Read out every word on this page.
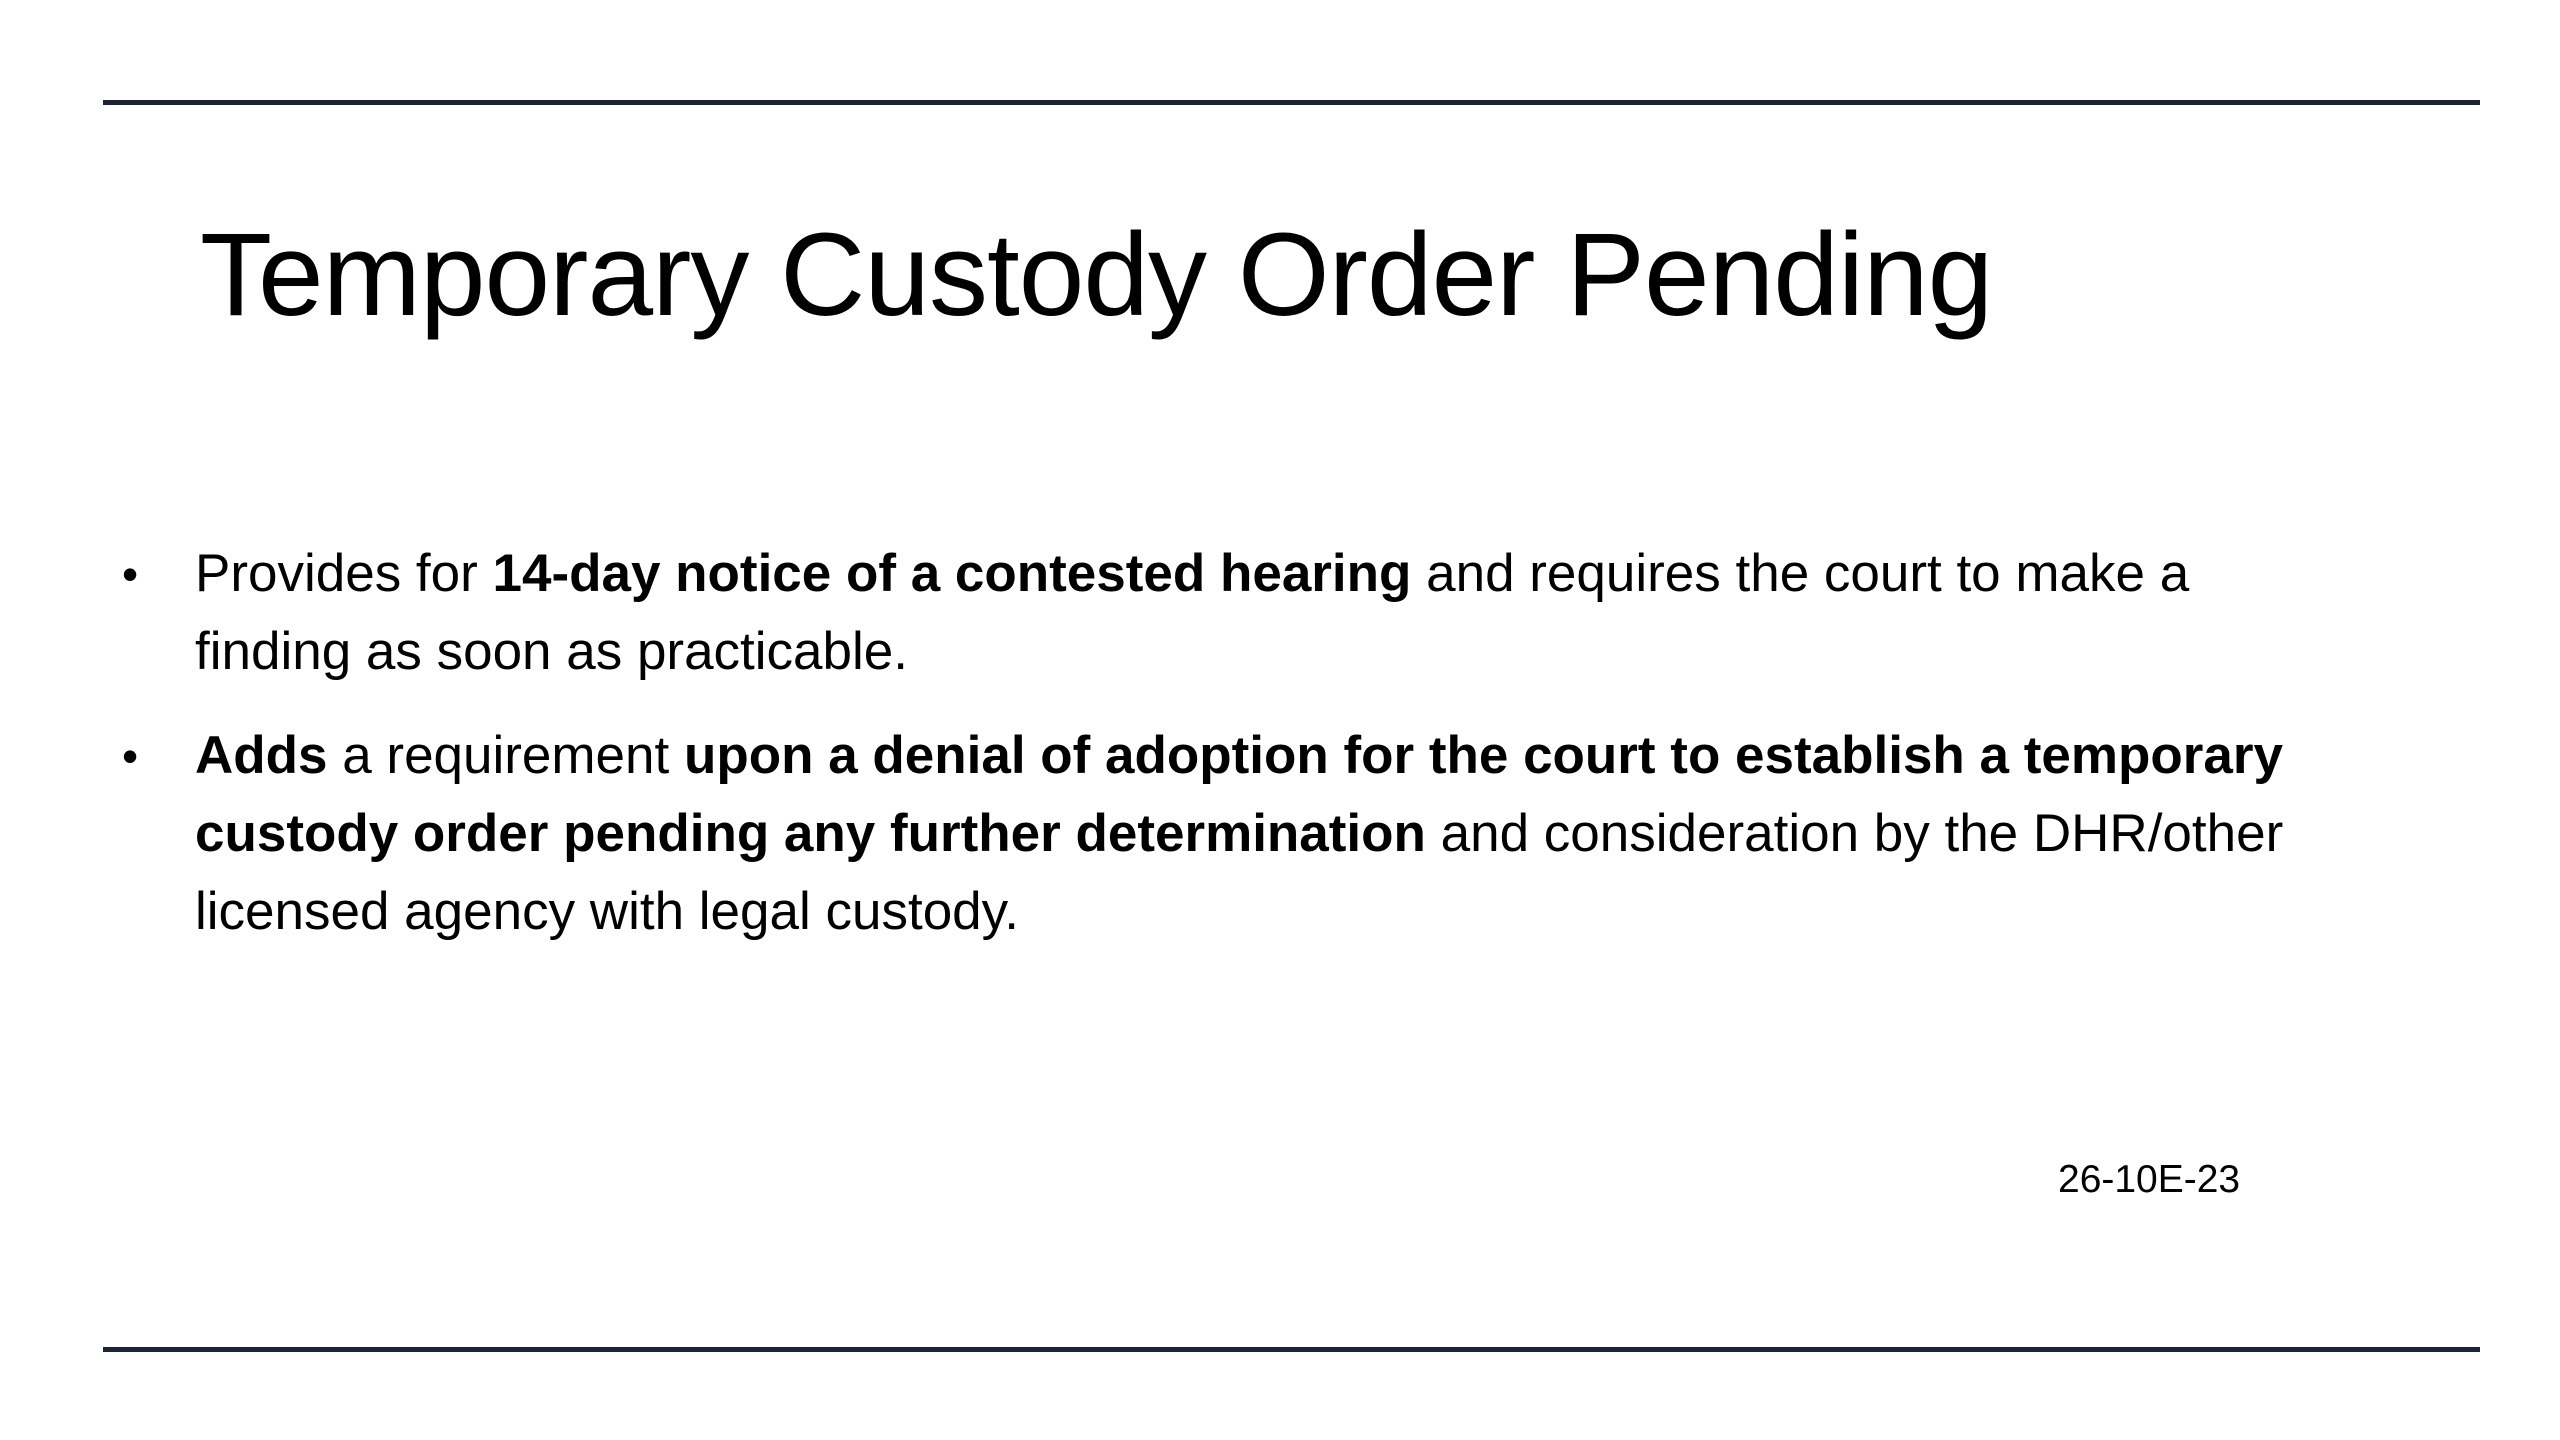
Temporary Custody Order Pending
• Provides for 14-day notice of a contested hearing and requires the court to make a finding as soon as practicable.
• Adds a requirement upon a denial of adoption for the court to establish a temporary custody order pending any further determination and consideration by the DHR/other licensed agency with legal custody.
26-10E-23
